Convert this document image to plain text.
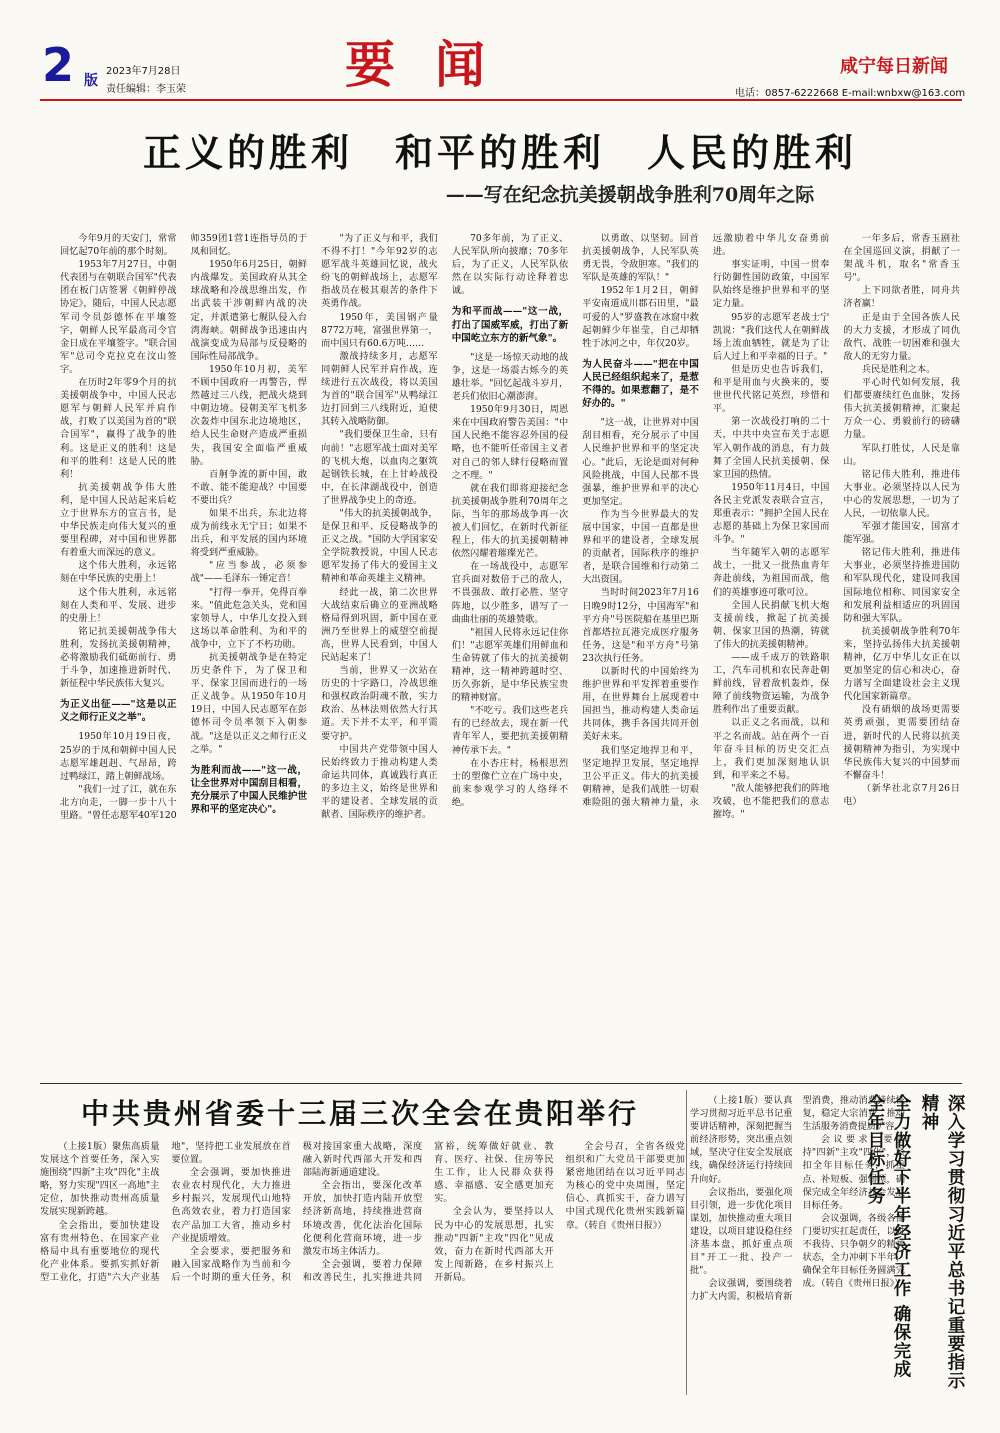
2 版
2023年7月28日
责任编辑：李玉荣	要闻	咸宁每日新闻
电话：0857-6222668 E-mail:wnbxw@163.com
正义的胜利　和平的胜利　人民的胜利
——写在纪念抗美援朝战争胜利70周年之际

今年9月的天安门，常常回忆起70年前的那个时刻。

1953年7月27日，中朝代表团与在朝联合国军"代表团在板门店签署《朝鲜停战协定》，随后，中国人民志愿军司令员彭德怀在平壤签字，朝鲜人民军最高司令官金日成在平壤签字。"联合国军"总司令克拉克在汶山签字。

在历时2年零9个月的抗美援朝战争中，中国人民志愿军与朝鲜人民军并肩作战，打败了以美国为首的"联合国军"，赢得了战争的胜利。这是正义的胜利！这是和平的胜利！这是人民的胜利！

抗美援朝战争伟大胜利，是中国人民站起来后屹立于世界东方的宣言书，是中华民族走向伟大复兴的重要里程碑，对中国和世界都有着重大而深远的意义。

这个伟大胜利，永远铭刻在中华民族的史册上！

这个伟大胜利，永远铭刻在人类和平、发展、进步的史册上！

铭记抗美援朝战争伟大胜利，发扬抗美援朝精神，必将激励我们砥砺前行、勇于斗争，加速推进新时代、新征程中华民族伟大复兴。

为正义出征——"这是以正义之师行正义之举"。

1950年10月19日夜，25岁的于凤和朝鲜中国人民志愿军雄赳赳、气昂昂，跨过鸭绿江，踏上朝鲜战场。

"我们一过了江，就在东北方向走，一脚一步十八十里路。"曾任志愿军40军120师359团1营1连指导员的于凤和回忆。

1950年6月25日，朝鲜内战爆发。美国政府从其全球战略和冷战思维出发，作出武装干涉朝鲜内战的决定，并派遣第七舰队侵入台湾海峡。朝鲜战争迅速由内战演变成为局部与反侵略的国际性局部战争。

1950年10月初，美军不顾中国政府一再警告，悍然越过三八线，把战火烧到中朝边境。侵朝美军飞机多次轰炸中国东北边境地区，给人民生命财产造成严重损失，我国安全面临严重威胁。

百舸争流的新中国，敢不敢、能不能迎战？中国要不要出兵？

如果不出兵，东北边将成为前线永无宁日；如果不出兵，和平发展的国内环境将受到严重威胁。

"应当参战，必须参战"——毛泽东一锤定音！

"打得一拳开，免得百拳来。"值此危急关头，党和国家领导人，中华儿女投入到这场以革命胜利、为和平的战争中，立下了不朽功勋。

抗美援朝战争是在特定历史条件下，为了保卫和平、保家卫国而进行的一场正义战争。从1950年10月19日，中国人民志愿军在彭德怀司令员率领下入朝参战。"这是以正义之师行正义之举。"

为胜利而战——"这一战，让全世界对中国刮目相看，充分展示了中国人民维护世界和平的坚定决心"。

"为了正义与和平，我们不得不打！"今年92岁的志愿军战斗英雄回忆说，战火纷飞的朝鲜战场上，志愿军指战员在极其艰苦的条件下英勇作战。

1950年，美国钢产量8772万吨，富强世界第一，而中国只有60.6万吨……

激战持续多月，志愿军同朝鲜人民军并肩作战，连续进行五次战役，将以美国为首的"联合国军"从鸭绿江边打回到三八线附近，迫使其转入战略防御。

"我们要保卫生命，只有向前！"志愿军战士面对美军的飞机大炮，以血肉之躯筑起钢铁长城，在上甘岭战役中，在长津湖战役中，创造了世界战争史上的奇迹。

"伟大的抗美援朝战争，是保卫和平、反侵略战争的正义之战。"国防大学国家安全学院教授说，中国人民志愿军发扬了伟大的爱国主义精神和革命英雄主义精神。

经此一战，第二次世界大战结束后确立的亚洲战略格局得到巩固，新中国在亚洲乃至世界上的威望空前提高，世界人民看到，中国人民站起来了！

当前，世界又一次站在历史的十字路口，冷战思维和强权政治阴魂不散，实力政治、丛林法则依然大行其道。天下并不太平，和平需要守护。

中国共产党带领中国人民始终致力于推动构建人类命运共同体，真诚践行真正的多边主义，始终是世界和平的建设者、全球发展的贡献者、国际秩序的维护者。

70多年前，为了正义、人民军队所向披靡；70多年后，为了正义，人民军队依然在以实际行动诠释着忠诚。

为和平而战——"这一战，打出了国威军威，打出了新中国屹立东方的新气象"。

"这是一场惊天动地的战争，这是一场震古烁今的英雄壮举。"回忆起战斗岁月，老兵们依旧心潮澎湃。

1950年9月30日，周恩来在中国政府警告美国："中国人民绝不能容忍外国的侵略，也不能听任帝国主义者对自己的邻人肆行侵略而置之不理。"

就在我们即将迎接纪念抗美援朝战争胜利70周年之际，当年的那场战争再一次被人们回忆，在新时代新征程上，伟大的抗美援朝精神依然闪耀着璀璨光芒。

在一场战役中，志愿军官兵面对数倍于己的敌人，不畏强敌、敢打必胜、坚守阵地，以少胜多，谱写了一曲曲壮丽的英雄赞歌。

"祖国人民将永远记住你们！"志愿军英雄们用鲜血和生命铸就了伟大的抗美援朝精神，这一精神跨越时空、历久弥新，是中华民族宝贵的精神财富。

"不吃亏。我们这些老兵有的已经故去，现在新一代青年军人，要把抗美援朝精神传承下去。"

在小杏庄村，杨根思烈士的塑像伫立在广场中央，前来参观学习的人络绎不绝。

以勇敢、以坚韧。回首抗美援朝战争，人民军队英勇无畏，令敌胆寒。"我们的军队是英雄的军队！"

1952年1月2日，朝鲜平安南道成川郡石田里，"最可爱的人"罗盛教在冰窟中救起朝鲜少年崔莹，自己却牺牲于冰河之中，年仅20岁。

为人民奋斗——"把在中国人民已经组织起来了，是惹不得的。如果惹翻了，是不好办的。"

"这一战，让世界对中国刮目相看，充分展示了中国人民维护世界和平的坚定决心。"此后，无论是面对何种风险挑战，中国人民都不畏强暴，维护世界和平的决心更加坚定。

作为当今世界最大的发展中国家，中国一直都是世界和平的建设者，全球发展的贡献者，国际秩序的维护者，是联合国维和行动第二大出资国。

当时时间2023年7月16日晚9时12分，中国海军"和平方舟"号医院船在基里巴斯首都塔拉瓦港完成医疗服务任务，这是"和平方舟"号第23次执行任务。

以新时代的中国始终为维护世界和平发挥着重要作用，在世界舞台上展现着中国担当，推动构建人类命运共同体，携手各国共同开创美好未来。

我们坚定地捍卫和平，坚定地捍卫发展，坚定地捍卫公平正义。伟大的抗美援朝精神，是我们战胜一切艰难险阻的强大精神力量，永远激励着中华儿女奋勇前进。

事实证明，中国一贯奉行防御性国防政策，中国军队始终是维护世界和平的坚定力量。

95岁的志愿军老战士宁凯说："我们这代人在朝鲜战场上流血牺牲，就是为了让后人过上和平幸福的日子。"

但是历史也告诉我们，和平是用血与火换来的，要世世代代铭记英烈，珍惜和平。

第一次战役打响的二十天，中共中央宣布关于志愿军入朝作战的消息，有力鼓舞了全国人民抗美援朝、保家卫国的热情。

1950年11月4日，中国各民主党派发表联合宣言，郑重表示："拥护全国人民在志愿的基础上为保卫家国而斗争。"

当年随军入朝的志愿军战士，一批又一批热血青年奔赴前线，为祖国而战，他们的英雄事迹可歌可泣。

全国人民捐献飞机大炮支援前线，掀起了抗美援朝、保家卫国的热潮，铸就了伟大的抗美援朝精神。

——成千成万的铁路职工，汽车司机和农民奔赴朝鲜前线，冒着敌机轰炸，保障了前线物资运输，为战争胜利作出了重要贡献。

以正义之名而战，以和平之名而战。站在两个一百年奋斗目标的历史交汇点上，我们更加深刻地认识到，和平来之不易。

"敌人能够把我们的阵地攻破，也不能把我们的意志摧垮。"

一年多后，常香玉剧社在全国巡回义演，捐献了一架战斗机，取名"常香玉号"。

上下同欲者胜，同舟共济者赢！

正是由于全国各族人民的大力支援，才形成了同仇敌忾、战胜一切困难和强大敌人的无穷力量。

兵民是胜利之本。

平心时代如何发展，我们都要赓续红色血脉，发扬伟大抗美援朝精神，汇聚起万众一心、勇毅前行的磅礴力量。

军队打胜仗，人民是靠山。

铭记伟大胜利，推进伟大事业。必须坚持以人民为中心的发展思想，一切为了人民，一切依靠人民。

军强才能国安，国富才能军强。

铭记伟大胜利，推进伟大事业，必须坚持推进国防和军队现代化，建设同我国国际地位相称、同国家安全和发展利益相适应的巩固国防和强大军队。

抗美援朝战争胜利70年来，坚持弘扬伟大抗美援朝精神，亿万中华儿女正在以更加坚定的信心和决心，奋力谱写全面建设社会主义现代化国家新篇章。

没有硝烟的战场更需要英勇顽强，更需要团结奋进，新时代的人民将以抗美援朝精神为指引，为实现中华民族伟大复兴的中国梦而不懈奋斗！

（新华社北京7月26日电）

中共贵州省委十三届三次全会在贵阳举行

（上接1版）聚焦高质量发展这个首要任务，深入实施围绕"四新"主攻"四化"主战略，努力实现"四区一高地"主定位，加快推动贵州高质量发展实现新跨越。

全会指出，要加快建设富有贵州特色、在国家产业格局中具有重要地位的现代化产业体系。要抓实抓好新型工业化，打造"六大产业基地"，坚持把工业发展放在首要位置。

全会强调，要加快推进农业农村现代化，大力推进乡村振兴，发展现代山地特色高效农业，着力打造国家农产品加工大省，推动乡村产业提质增效。

全会要求，要把服务和融入国家战略作为当前和今后一个时期的重大任务，积极对接国家重大战略，深度融入新时代西部大开发和西部陆海新通道建设。

全会指出，要深化改革开放，加快打造内陆开放型经济新高地，持续推进营商环境改善，优化法治化国际化便利化营商环境，进一步激发市场主体活力。

全会强调，要着力保障和改善民生，扎实推进共同富裕，统筹做好就业、教育、医疗、社保、住房等民生工作，让人民群众获得感、幸福感、安全感更加充实。

全会认为，要坚持以人民为中心的发展思想，扎实推动"四新"主攻"四化"见成效，奋力在新时代西部大开发上闯新路，在乡村振兴上开新局。

全会号召，全省各级党组织和广大党员干部要更加紧密地团结在以习近平同志为核心的党中央周围，坚定信心、真抓实干，奋力谱写中国式现代化贵州实践新篇章。（转自《贵州日报》）

（上接1版）要认真学习贯彻习近平总书记重要讲话精神，深刻把握当前经济形势，突出重点领域，坚决守住安全发展底线，确保经济运行持续回升向好。

会议指出，要强化项目引领，进一步优化项目谋划，加快推动重大项目建设，以项目建设稳住经济基本盘，抓好重点项目"开工一批、投产一批"。

会议强调，要围绕着力扩大内需，积极培育新型消费，推动消费持续恢复，稳定大宗消费，推动生活服务消费提质扩容。

会议要求，要坚持"四新"主攻"四化"，紧扣全年目标任务，抓重点、补短板、强弱项，确保完成全年经济社会发展目标任务。

会议强调，各级各部门要切实扛起责任，以时不我待、只争朝夕的精神状态，全力冲刺下半年，确保全年目标任务圆满完成。（转自《贵州日报》）	深入学习贯彻习近平总书记重要指示精神
全力做好下半年经济工作 确保完成全年目标任务
